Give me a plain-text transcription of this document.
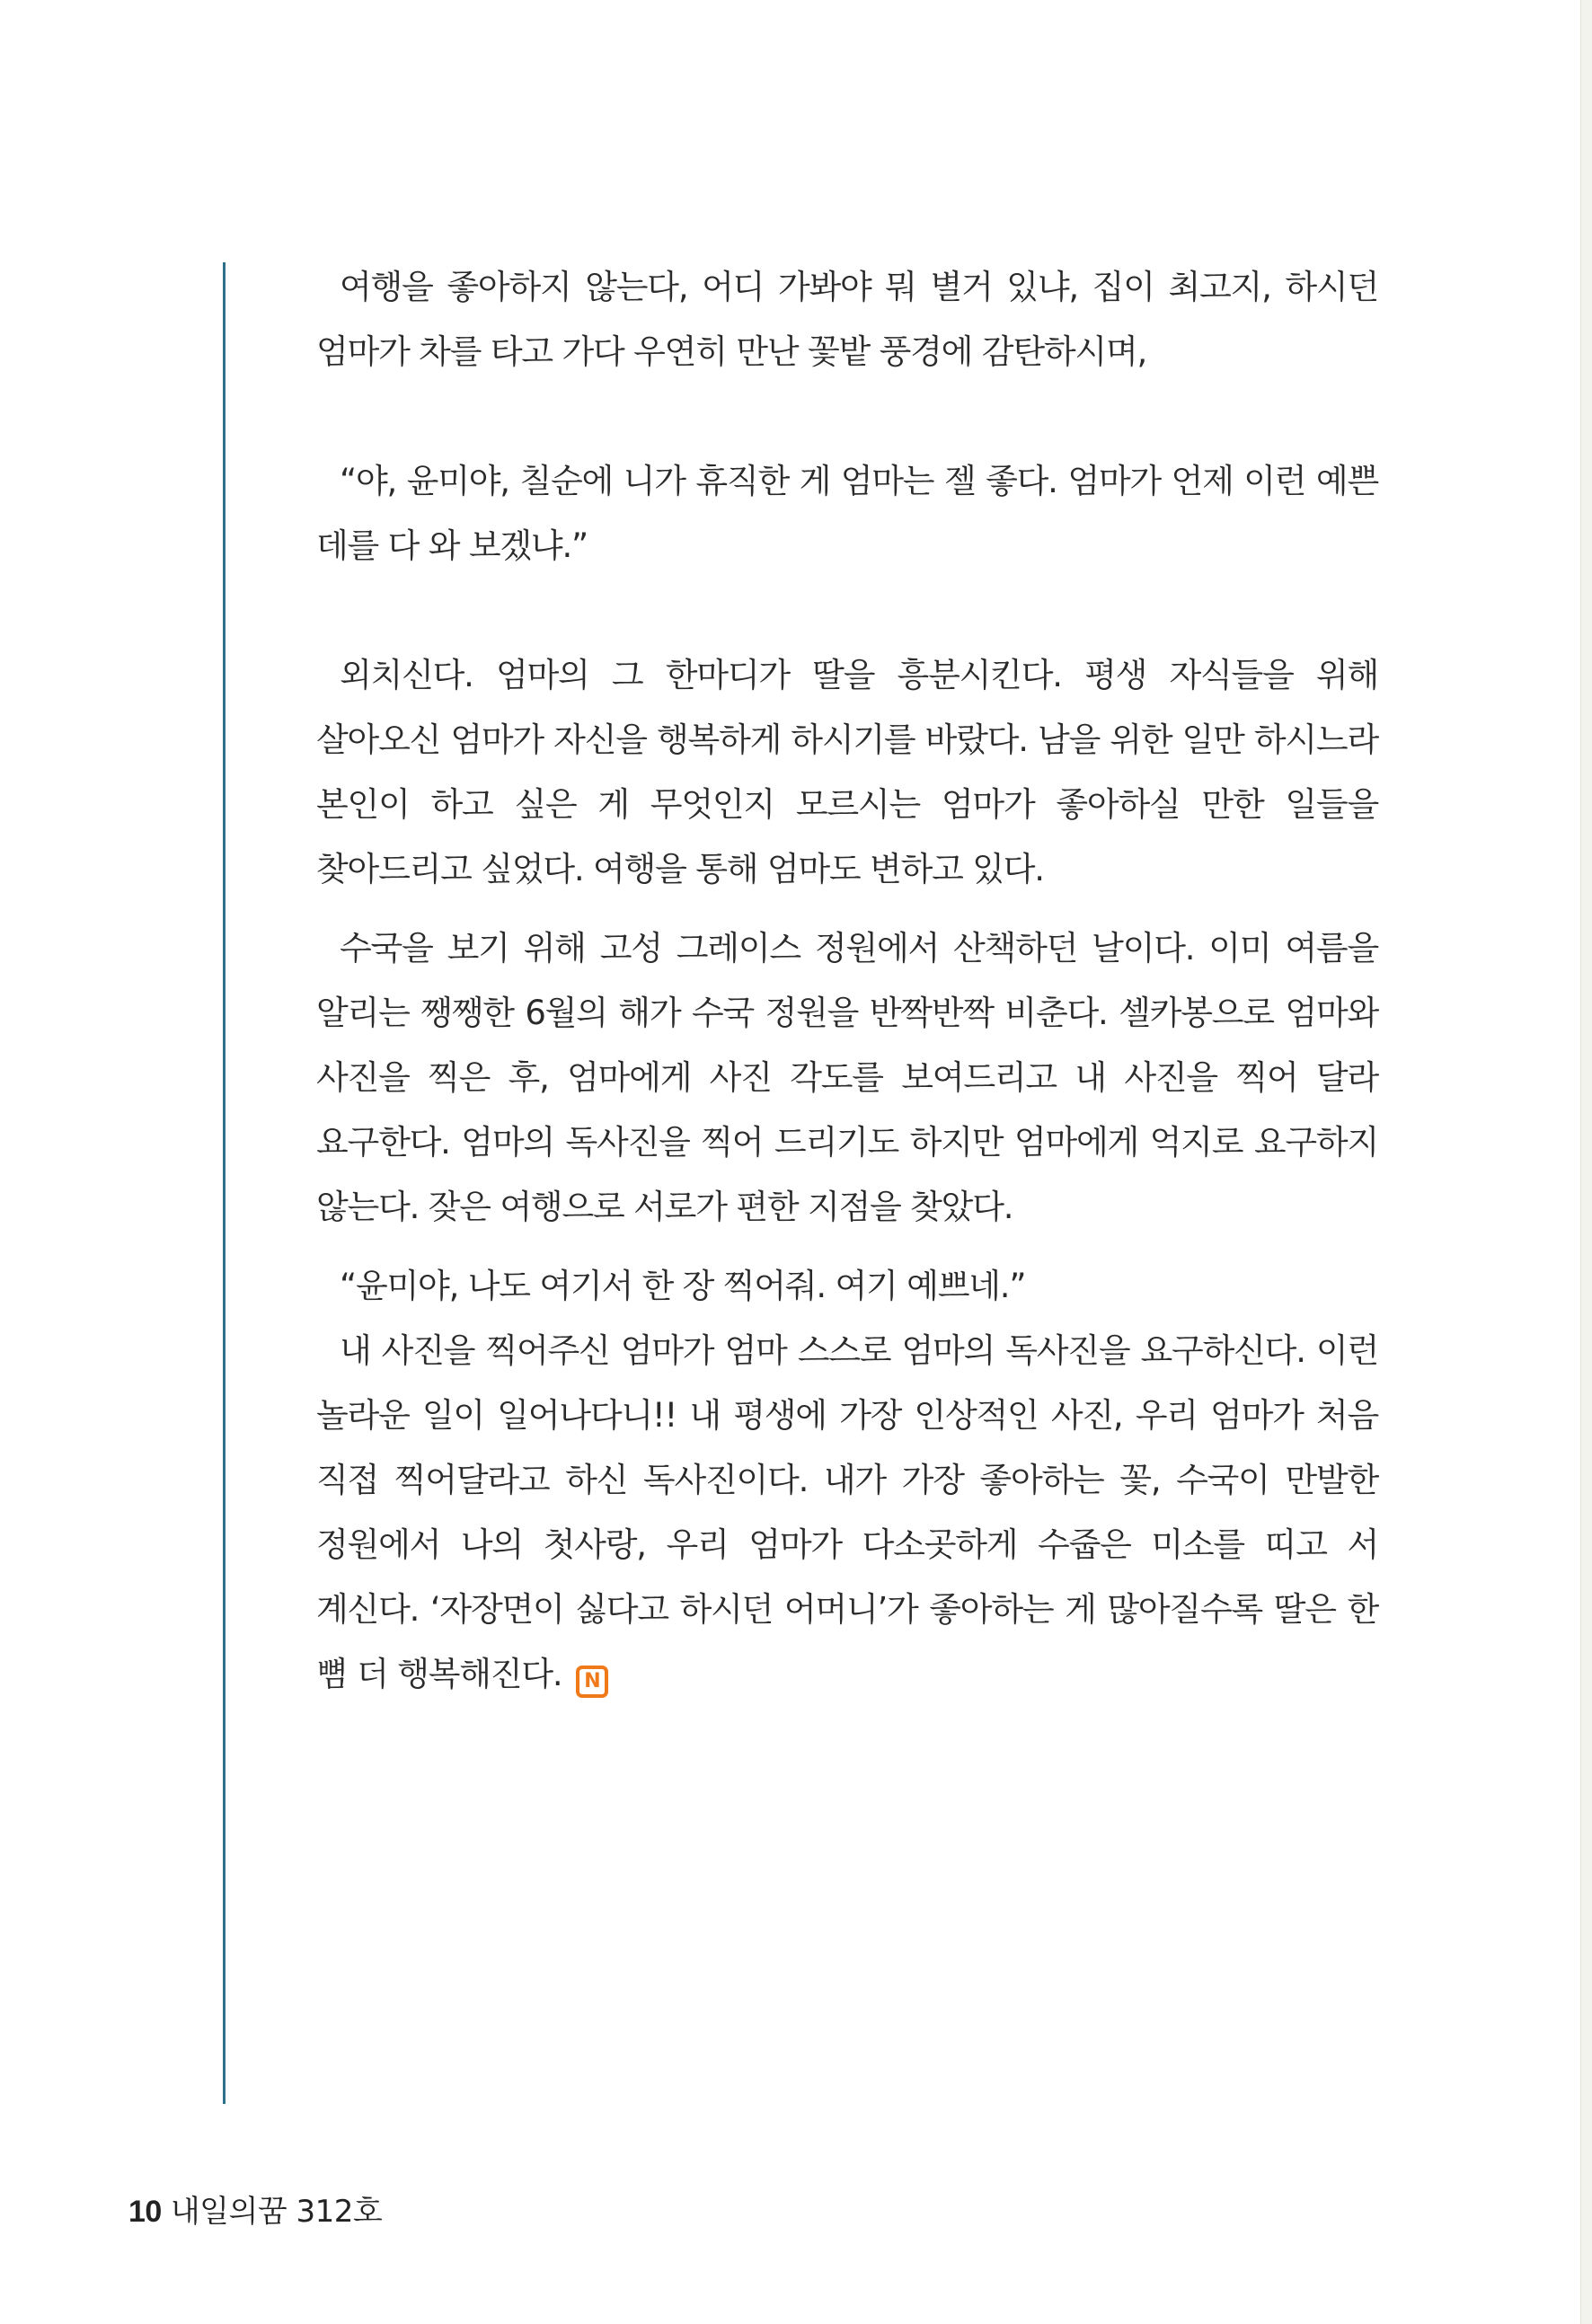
여행을 좋아하지 않는다, 어디 가봐야 뭐 별거 있냐, 집이 최고지, 하시던 엄마가 차를 타고 가다 우연히 만난 꽃밭 풍경에 감탄하시며,

“야, 윤미야, 칠순에 니가 휴직한 게 엄마는 젤 좋다. 엄마가 언제 이런 예쁜 데를 다 와 보겠냐.”

외치신다. 엄마의 그 한마디가 딸을 흥분시킨다. 평생 자식들을 위해 살아오신 엄마가 자신을 행복하게 하시기를 바랐다. 남을 위한 일만 하시느라 본인이 하고 싶은 게 무엇인지 모르시는 엄마가 좋아하실 만한 일들을 찾아드리고 싶었다. 여행을 통해 엄마도 변하고 있다.

수국을 보기 위해 고성 그레이스 정원에서 산책하던 날이다. 이미 여름을 알리는 쨍쨍한 6월의 해가 수국 정원을 반짝반짝 비춘다. 셀카봉으로 엄마와 사진을 찍은 후, 엄마에게 사진 각도를 보여드리고 내 사진을 찍어 달라 요구한다. 엄마의 독사진을 찍어 드리기도 하지만 엄마에게 억지로 요구하지 않는다. 잦은 여행으로 서로가 편한 지점을 찾았다.

“윤미야, 나도 여기서 한 장 찍어줘. 여기 예쁘네.”

내 사진을 찍어주신 엄마가 엄마 스스로 엄마의 독사진을 요구하신다. 이런 놀라운 일이 일어나다니!! 내 평생에 가장 인상적인 사진, 우리 엄마가 처음 직접 찍어달라고 하신 독사진이다. 내가 가장 좋아하는 꽃, 수국이 만발한 정원에서 나의 첫사랑, 우리 엄마가 다소곳하게 수줍은 미소를 띠고 서 계신다. ‘자장면이 싫다고 하시던 어머니’가 좋아하는 게 많아질수록 딸은 한 뼘 더 행복해진다. N

10 내일의꿈 312호
